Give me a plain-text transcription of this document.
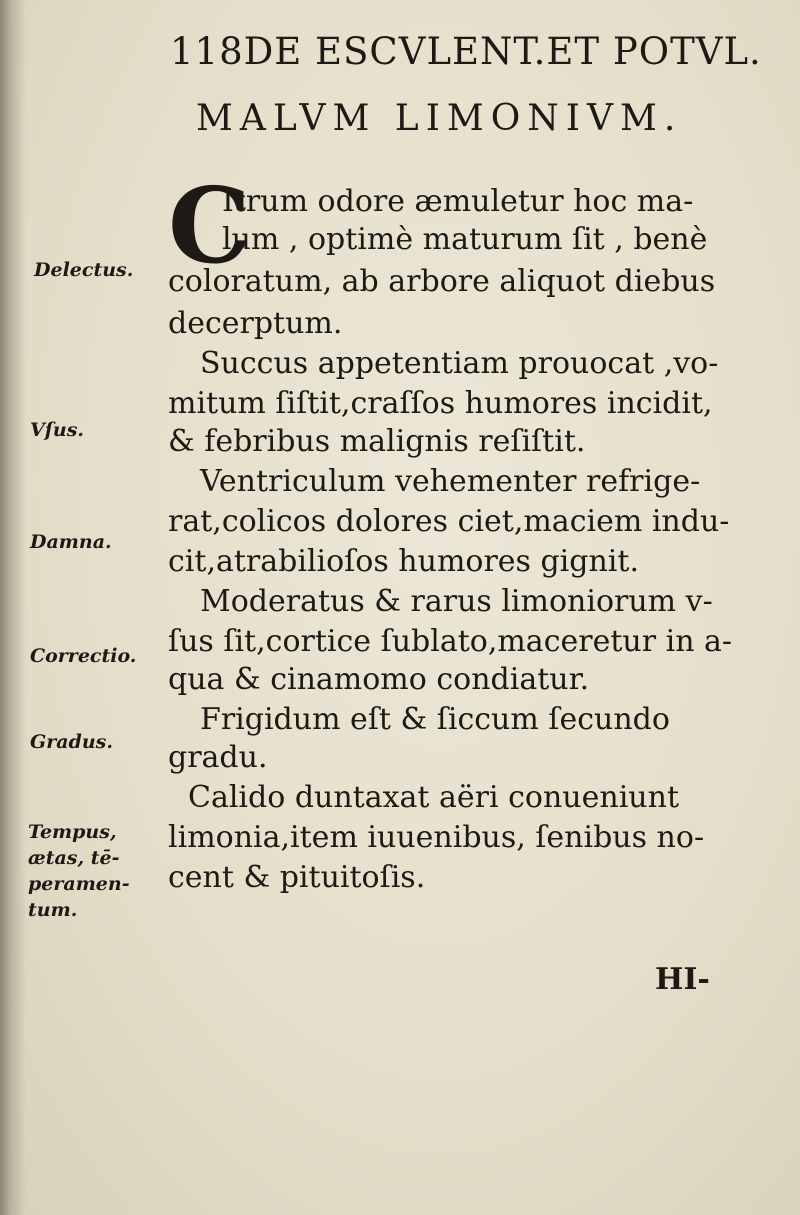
118DE ESCVLENT.ET POTVL.
MALVM LIMONIVM.
C
Itrum odore æmuletur hoc ma-
lum , optimè maturum ſit , benè
coloratum, ab arbore aliquot diebus
decerptum.
Succus appetentiam prouocat ,vo-
mitum ſiſtit,craſſos humores incidit,
& febribus malignis reſiſtit.
Ventriculum vehementer refrige-
rat,colicos dolores ciet,maciem indu-
cit,atrabilioſos humores gignit.
Moderatus & rarus limoniorum v-
ſus ſit,cortice ſublato,maceretur in a-
qua & cinamomo condiatur.
Frigidum eſt & ſiccum ſecundo
gradu.
Calido duntaxat aëri conueniunt
limonia,item iuuenibus, ſenibus no-
cent & pituitoſis.
Delectus.
Vſus.
Damna.
Correctio.
Gradus.
Tempus,
ætas, tē-
peramen-
tum.
HI-
